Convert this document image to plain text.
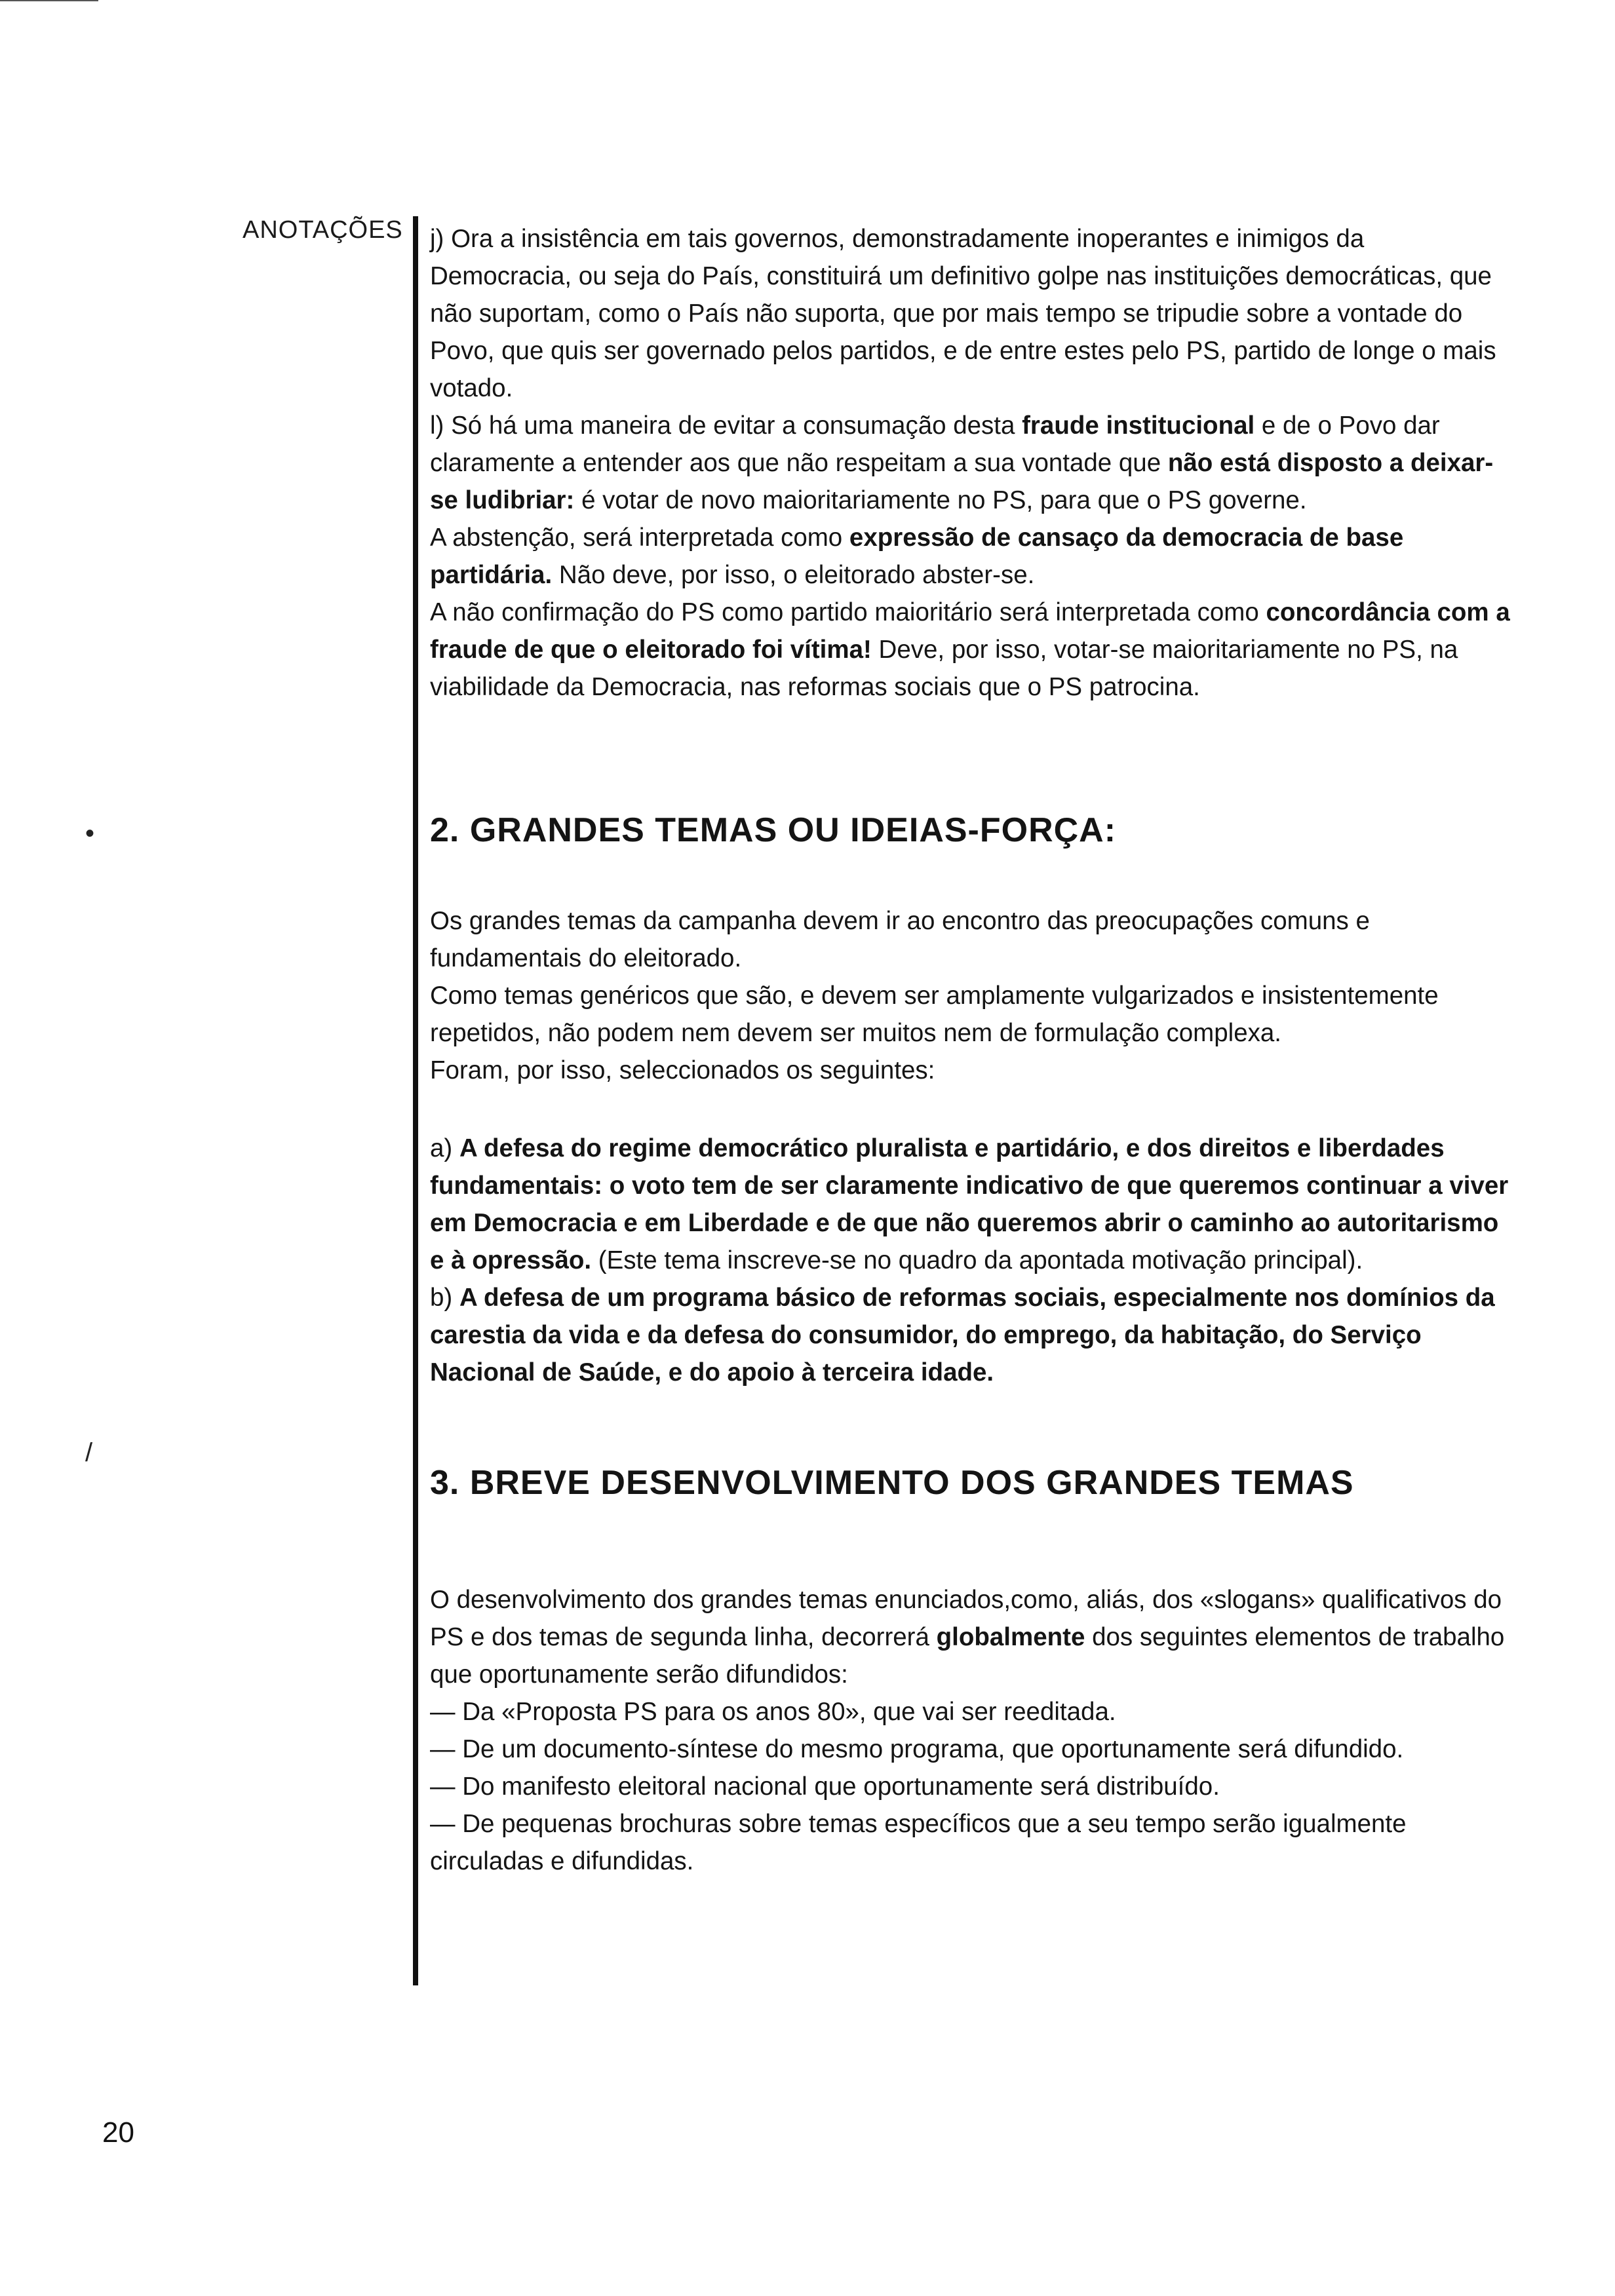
ANOTAÇÕES
•
/

j) Ora a insistência em tais governos, demonstradamente inoperantes e inimigos da Democracia, ou seja do País, constituirá um definitivo golpe nas instituições democráticas, que não suportam, como o País não suporta, que por mais tempo se tripudie sobre a vontade do Povo, que quis ser governado pelos partidos, e de entre estes pelo PS, partido de longe o mais votado.

l) Só há uma maneira de evitar a consumação desta fraude institucional e de o Povo dar claramente a entender aos que não respeitam a sua vontade que não está disposto a deixar-se ludibriar: é votar de novo maioritariamente no PS, para que o PS governe.

A abstenção, será interpretada como expressão de cansaço da democracia de base partidária. Não deve, por isso, o eleitorado abster-se.

A não confirmação do PS como partido maioritário será interpretada como concordância com a fraude de que o eleitorado foi vítima! Deve, por isso, votar-se maioritariamente no PS, na viabilidade da Democracia, nas reformas sociais que o PS patrocina.

2. GRANDES TEMAS OU IDEIAS-FORÇA:

Os grandes temas da campanha devem ir ao encontro das preocupações comuns e fundamentais do eleitorado.

Como temas genéricos que são, e devem ser amplamente vulgarizados e insistentemente repetidos, não podem nem devem ser muitos nem de formulação complexa.

Foram, por isso, seleccionados os seguintes:

a) A defesa do regime democrático pluralista e partidário, e dos direitos e liberdades fundamentais: o voto tem de ser claramente indicativo de que queremos continuar a viver em Democracia e em Liberdade e de que não queremos abrir o caminho ao autoritarismo e à opressão. (Este tema inscreve-se no quadro da apontada motivação principal).

b) A defesa de um programa básico de reformas sociais, especialmente nos domínios da carestia da vida e da defesa do consumidor, do emprego, da habitação, do Serviço Nacional de Saúde, e do apoio à terceira idade.

3. BREVE DESENVOLVIMENTO DOS GRANDES TEMAS

O desenvolvimento dos grandes temas enunciados,como, aliás, dos «slogans» qualificativos do PS e dos temas de segunda linha, decorrerá globalmente dos seguintes elementos de trabalho que oportunamente serão difundidos:

— Da «Proposta PS para os anos 80», que vai ser reeditada.

— De um documento-síntese do mesmo programa, que oportunamente será difundido.

— Do manifesto eleitoral nacional que oportunamente será distribuído.

— De pequenas brochuras sobre temas específicos que a seu tempo serão igualmente circuladas e difundidas.

20
